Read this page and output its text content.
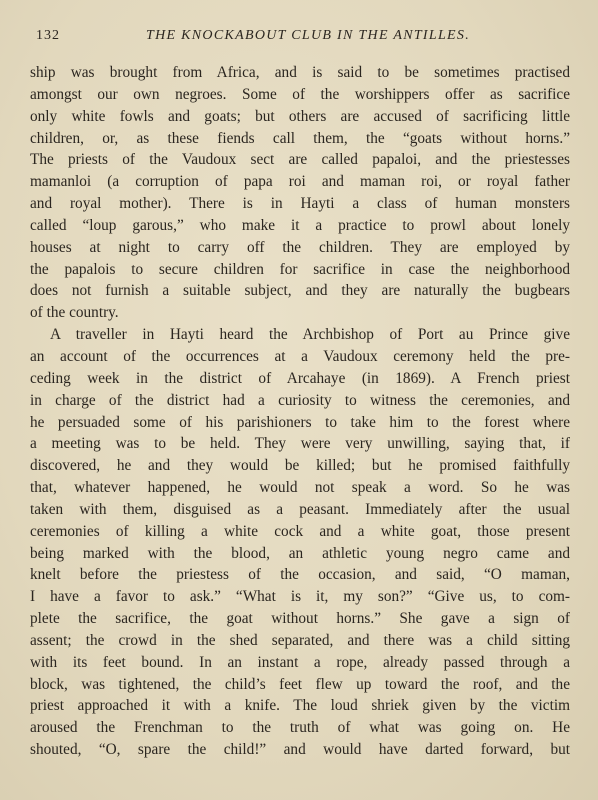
132	THE KNOCKABOUT CLUB IN THE ANTILLES.
ship was brought from Africa, and is said to be sometimes practised
amongst our own negroes. Some of the worshippers offer as sacrifice
only white fowls and goats; but others are accused of sacrificing little
children, or, as these fiends call them, the “goats without horns.”
The priests of the Vaudoux sect are called papaloi, and the priestesses
mamanloi (a corruption of papa roi and maman roi, or royal father
and royal mother). There is in Hayti a class of human monsters
called “loup garous,” who make it a practice to prowl about lonely
houses at night to carry off the children. They are employed by
the papalois to secure children for sacrifice in case the neighborhood
does not furnish a suitable subject, and they are naturally the bugbears
of the country.
A traveller in Hayti heard the Archbishop of Port au Prince give
an account of the occurrences at a Vaudoux ceremony held the pre-
ceding week in the district of Arcahaye (in 1869). A French priest
in charge of the district had a curiosity to witness the ceremonies, and
he persuaded some of his parishioners to take him to the forest where
a meeting was to be held. They were very unwilling, saying that, if
discovered, he and they would be killed; but he promised faithfully
that, whatever happened, he would not speak a word. So he was
taken with them, disguised as a peasant. Immediately after the usual
ceremonies of killing a white cock and a white goat, those present
being marked with the blood, an athletic young negro came and
knelt before the priestess of the occasion, and said, “O maman,
I have a favor to ask.” “What is it, my son?” “Give us, to com-
plete the sacrifice, the goat without horns.” She gave a sign of
assent; the crowd in the shed separated, and there was a child sitting
with its feet bound. In an instant a rope, already passed through a
block, was tightened, the child’s feet flew up toward the roof, and the
priest approached it with a knife. The loud shriek given by the victim
aroused the Frenchman to the truth of what was going on. He
shouted, “O, spare the child!” and would have darted forward, but
